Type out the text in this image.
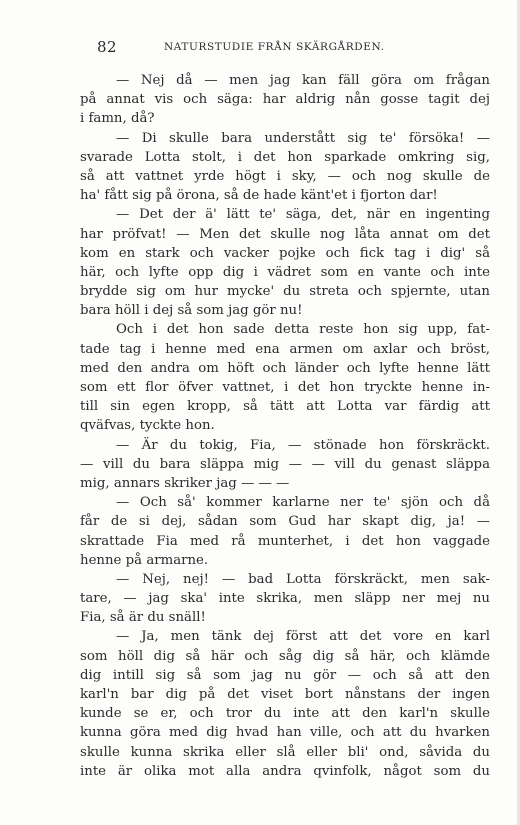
82	NATURSTUDIE FRÅN SKÄRGÅRDEN.
— Nej då — men jag kan fäll göra om frågan
på annat vis och säga: har aldrig nån gosse tagit dej
i famn, då?
— Di skulle bara understått sig te' försöka! —
svarade Lotta stolt, i det hon sparkade omkring sig,
så att vattnet yrde högt i sky, — och nog skulle de
ha' fått sig på örona, så de hade känt'et i fjorton dar!
— Det der ä' lätt te' säga, det, när en ingenting
har pröfvat! — Men det skulle nog låta annat om det
kom en stark och vacker pojke och fick tag i dig' så
här, och lyfte opp dig i vädret som en vante och inte
brydde sig om hur mycke' du streta och spjernte, utan
bara höll i dej så som jag gör nu!
Och i det hon sade detta reste hon sig upp, fat-
tade tag i henne med ena armen om axlar och bröst,
med den andra om höft och länder och lyfte henne lätt
som ett flor öfver vattnet, i det hon tryckte henne in-
till sin egen kropp, så tätt att Lotta var färdig att
qväfvas, tyckte hon.
— Är du tokig, Fia, — stönade hon förskräckt.
— vill du bara släppa mig — — vill du genast släppa
mig, annars skriker jag — — —
— Och så' kommer karlarne ner te' sjön och då
får de si dej, sådan som Gud har skapt dig, ja! —
skrattade Fia med rå munterhet, i det hon vaggade
henne på armarne.
— Nej, nej! — bad Lotta förskräckt, men sak-
tare, — jag ska' inte skrika, men släpp ner mej nu
Fia, så är du snäll!
— Ja, men tänk dej först att det vore en karl
som höll dig så här och såg dig så här, och klämde
dig intill sig så som jag nu gör — och så att den
karl'n bar dig på det viset bort nånstans der ingen
kunde se er, och tror du inte att den karl'n skulle
kunna göra med dig hvad han ville, och att du hvarken
skulle kunna skrika eller slå eller bli' ond, såvida du
inte är olika mot alla andra qvinfolk, något som du
